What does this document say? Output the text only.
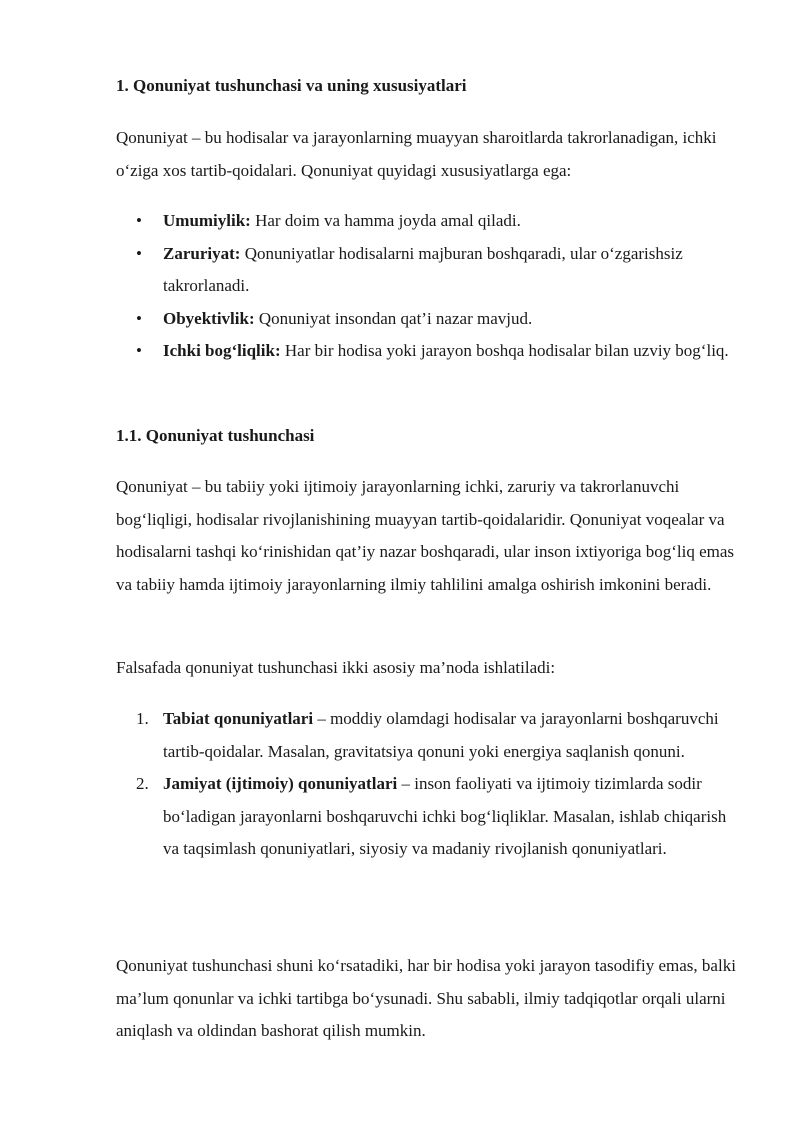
1. Qonuniyat tushunchasi va uning xususiyatlari

Qonuniyat – bu hodisalar va jarayonlarning muayyan sharoitlarda takrorlanadigan, ichki o‘ziga xos tartib-qoidalari. Qonuniyat quyidagi xususiyatlarga ega:

• Umumiylik: Har doim va hamma joyda amal qiladi.
• Zaruriyat: Qonuniyatlar hodisalarni majburan boshqaradi, ular o‘zgarishsiz takrorlanadi.
• Obyektivlik: Qonuniyat insondan qat’i nazar mavjud.
• Ichki bog‘liqlik: Har bir hodisa yoki jarayon boshqa hodisalar bilan uzviy bog‘liq.
1.1. Qonuniyat tushunchasi

Qonuniyat – bu tabiiy yoki ijtimoiy jarayonlarning ichki, zaruriy va takrorlanuvchi bog‘liqligi, hodisalar rivojlanishining muayyan tartib-qoidalaridir. Qonuniyat voqealar va hodisalarni tashqi ko‘rinishidan qat’iy nazar boshqaradi, ular inson ixtiyoriga bog‘liq emas va tabiiy hamda ijtimoiy jarayonlarning ilmiy tahlilini amalga oshirish imkonini beradi.

Falsafada qonuniyat tushunchasi ikki asosiy ma’noda ishlatiladi:

1. Tabiat qonuniyatlari – moddiy olamdagi hodisalar va jarayonlarni boshqaruvchi tartib-qoidalar. Masalan, gravitatsiya qonuni yoki energiya saqlanish qonuni.
2. Jamiyat (ijtimoiy) qonuniyatlari – inson faoliyati va ijtimoiy tizimlarda sodir bo‘ladigan jarayonlarni boshqaruvchi ichki bog‘liqliklar. Masalan, ishlab chiqarish va taqsimlash qonuniyatlari, siyosiy va madaniy rivojlanish qonuniyatlari.

Qonuniyat tushunchasi shuni ko‘rsatadiki, har bir hodisa yoki jarayon tasodifiy emas, balki ma’lum qonunlar va ichki tartibga bo‘ysunadi. Shu sababli, ilmiy tadqiqotlar orqali ularni aniqlash va oldindan bashorat qilish mumkin.
